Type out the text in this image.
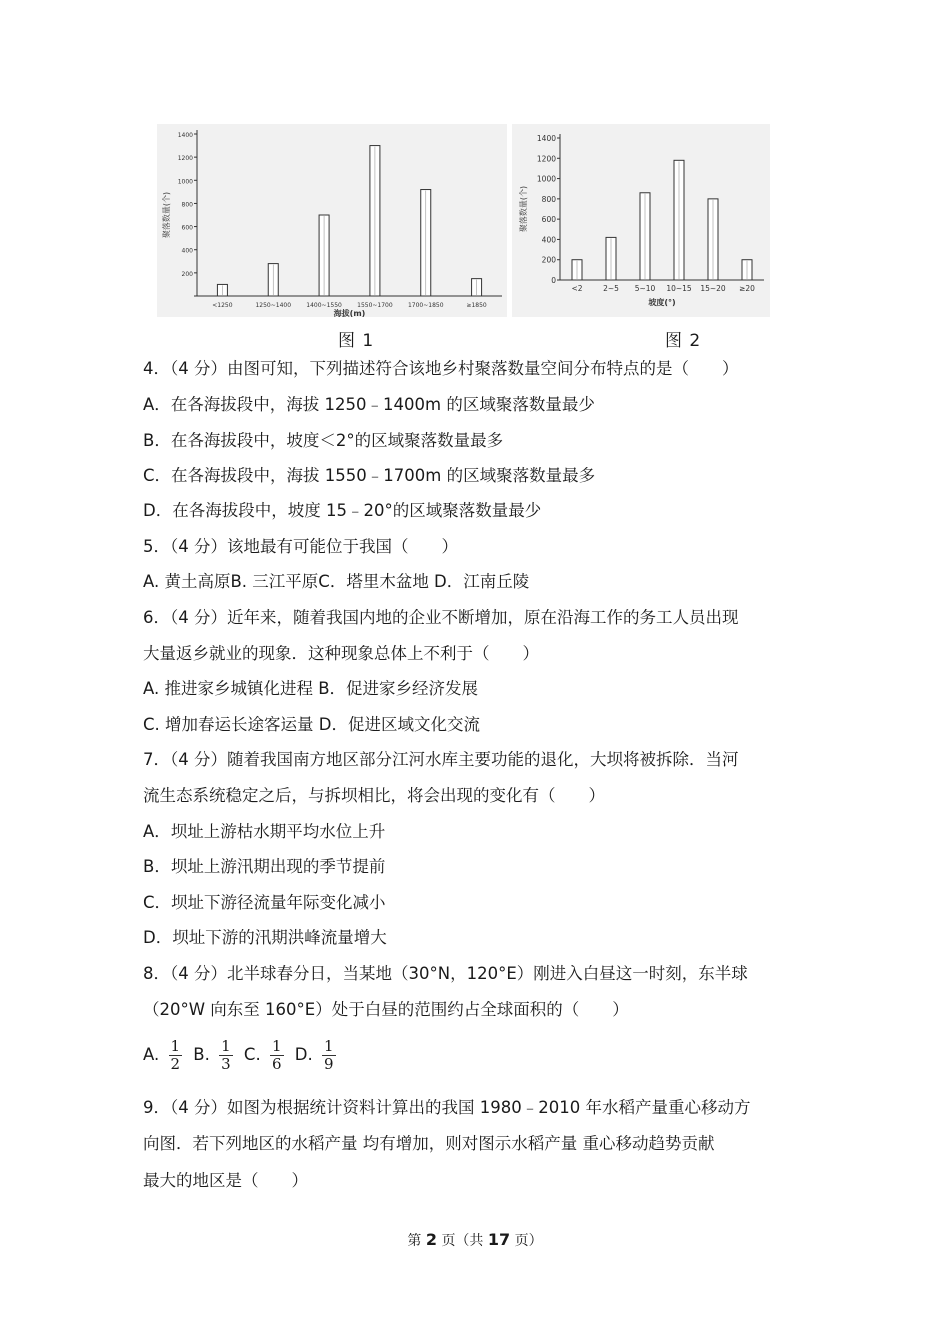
200
400
600
800
1000
1200
1400
聚落数量(个)
<1250	1250~1400	1400~1550	1550~1700	1700~1850	≥1850
海拔(m)
0
200
400
600
800
1000
1200
1400
聚落数量(个)
<2	2~5 5~10 10~15 15~20 ≥20
坡度(°)
图 1	图 2
4．（4 分）由图可知，下列描述符合该地乡村聚落数量空间分布特点的是（　　）
A．在各海拔段中，海拔 1250﹣1400m 的区域聚落数量最少
B．在各海拔段中，坡度＜2°的区域聚落数量最多
C．在各海拔段中，海拔 1550﹣1700m 的区域聚落数量最多
D．在各海拔段中，坡度 15﹣20°的区域聚落数量最少
5．（4 分）该地最有可能位于我国（　　）
A. 黄土高原B. 三江平原C．塔里木盆地 D．江南丘陵
6．（4 分）近年来，随着我国内地的企业不断增加，原在沿海工作的务工人员出现
大量返乡就业的现象．这种现象总体上不利于（　　）
A. 推进家乡城镇化进程 B．促进家乡经济发展
C. 增加春运长途客运量 D．促进区域文化交流
7．（4 分）随着我国南方地区部分江河水库主要功能的退化，大坝将被拆除．当河
流生态系统稳定之后，与拆坝相比，将会出现的变化有（　　）
A．坝址上游枯水期平均水位上升
B．坝址上游汛期出现的季节提前
C．坝址下游径流量年际变化减小
D．坝址下游的汛期洪峰流量增大
8．（4 分）北半球春分日，当某地（30°N，120°E）刚进入白昼这一时刻，东半球
（20°W 向东至 160°E）处于白昼的范围约占全球面积的（　　）
A. $\frac{1}{2} B$. $\frac{1}{3} C$. $\frac{1}{6} D$. $\frac{1}{9}$
9．（4 分）如图为根据统计资料计算出的我国 1980﹣2010 年水稻产量重心移动方
向图．若下列地区的水稻产量 均有增加，则对图示水稻产量 重心移动趋势贡献
最大的地区是（　　）
第 2 页（共 17 页）
